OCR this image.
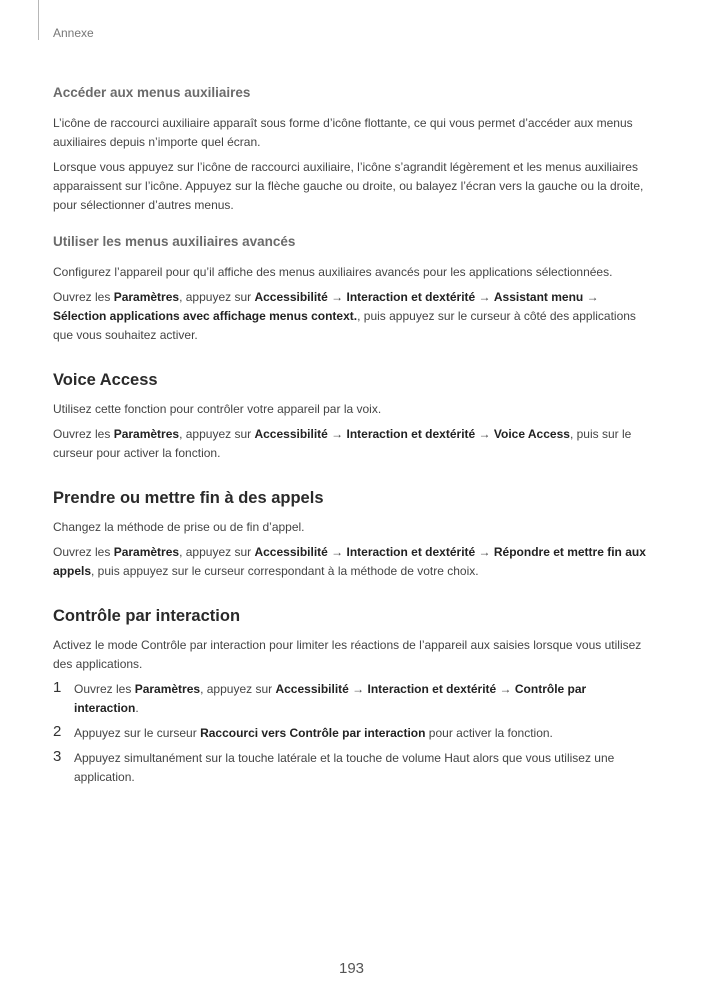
Annexe
Accéder aux menus auxiliaires

L’icône de raccourci auxiliaire apparaît sous forme d’icône flottante, ce qui vous permet d’accéder aux menus auxiliaires depuis n’importe quel écran.

Lorsque vous appuyez sur l’icône de raccourci auxiliaire, l’icône s’agrandit légèrement et les menus auxiliaires apparaissent sur l’icône. Appuyez sur la flèche gauche ou droite, ou balayez l’écran vers la gauche ou la droite, pour sélectionner d’autres menus.

Utiliser les menus auxiliaires avancés

Configurez l’appareil pour qu’il affiche des menus auxiliaires avancés pour les applications sélectionnées.

Ouvrez les Paramètres, appuyez sur Accessibilité → Interaction et dextérité → Assistant menu → Sélection applications avec affichage menus context., puis appuyez sur le curseur à côté des applications que vous souhaitez activer.

Voice Access

Utilisez cette fonction pour contrôler votre appareil par la voix.

Ouvrez les Paramètres, appuyez sur Accessibilité → Interaction et dextérité → Voice Access, puis sur le curseur pour activer la fonction.

Prendre ou mettre fin à des appels

Changez la méthode de prise ou de fin d’appel.

Ouvrez les Paramètres, appuyez sur Accessibilité → Interaction et dextérité → Répondre et mettre fin aux appels, puis appuyez sur le curseur correspondant à la méthode de votre choix.

Contrôle par interaction

Activez le mode Contrôle par interaction pour limiter les réactions de l’appareil aux saisies lorsque vous utilisez des applications.

1 Ouvrez les Paramètres, appuyez sur Accessibilité → Interaction et dextérité → Contrôle par interaction.
2 Appuyez sur le curseur Raccourci vers Contrôle par interaction pour activer la fonction.
3 Appuyez simultanément sur la touche latérale et la touche de volume Haut alors que vous utilisez une application.
193
